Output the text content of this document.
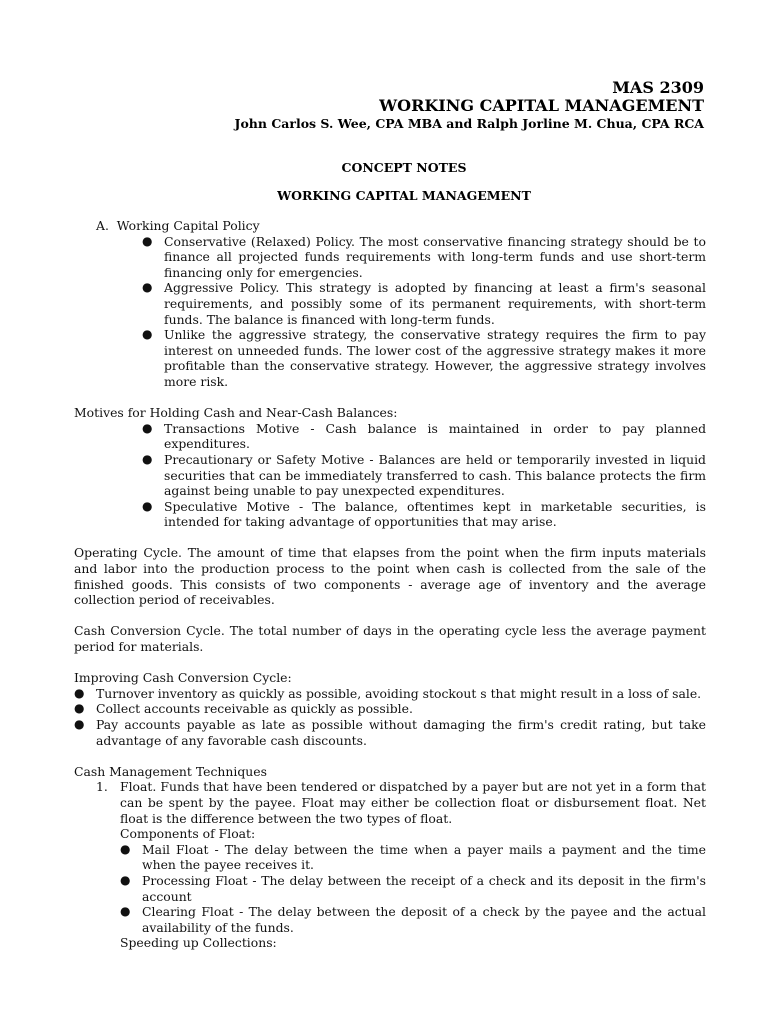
MAS 2309
WORKING CAPITAL MANAGEMENT
John Carlos S. Wee, CPA MBA and Ralph Jorline M. Chua, CPA RCA
CONCEPT NOTES
WORKING CAPITAL MANAGEMENT

A. Working Capital Policy

● Conservative (Relaxed) Policy. The most conservative financing strategy should be to finance all projected funds requirements with long-term funds and use short-term financing only for emergencies.
● Aggressive Policy. This strategy is adopted by financing at least a firm's seasonal requirements, and possibly some of its permanent requirements, with short-term funds. The balance is financed with long-term funds.
● Unlike the aggressive strategy, the conservative strategy requires the firm to pay interest on unneeded funds. The lower cost of the aggressive strategy makes it more profitable than the conservative strategy. However, the aggressive strategy involves more risk.

Motives for Holding Cash and Near-Cash Balances:

● Transactions Motive - Cash balance is maintained in order to pay planned expenditures.
● Precautionary or Safety Motive - Balances are held or temporarily invested in liquid securities that can be immediately transferred to cash. This balance protects the firm against being unable to pay unexpected expenditures.
● Speculative Motive - The balance, oftentimes kept in marketable securities, is intended for taking advantage of opportunities that may arise.

Operating Cycle. The amount of time that elapses from the point when the firm inputs materials and labor into the production process to the point when cash is collected from the sale of the finished goods. This consists of two components - average age of inventory and the average collection period of receivables.

Cash Conversion Cycle. The total number of days in the operating cycle less the average payment period for materials.

Improving Cash Conversion Cycle:

● Turnover inventory as quickly as possible, avoiding stockout s that might result in a loss of sale.
● Collect accounts receivable as quickly as possible.
● Pay accounts payable as late as possible without damaging the firm's credit rating, but take advantage of any favorable cash discounts.

Cash Management Techniques

1. Float. Funds that have been tendered or dispatched by a payer but are not yet in a form that can be spent by the payee. Float may either be collection float or disbursement float. Net float is the difference between the two types of float.

Components of Float:

● Mail Float - The delay between the time when a payer mails a payment and the time when the payee receives it.
● Processing Float - The delay between the receipt of a check and its deposit in the firm's account
● Clearing Float - The delay between the deposit of a check by the payee and the actual availability of the funds.

Speeding up Collections:
